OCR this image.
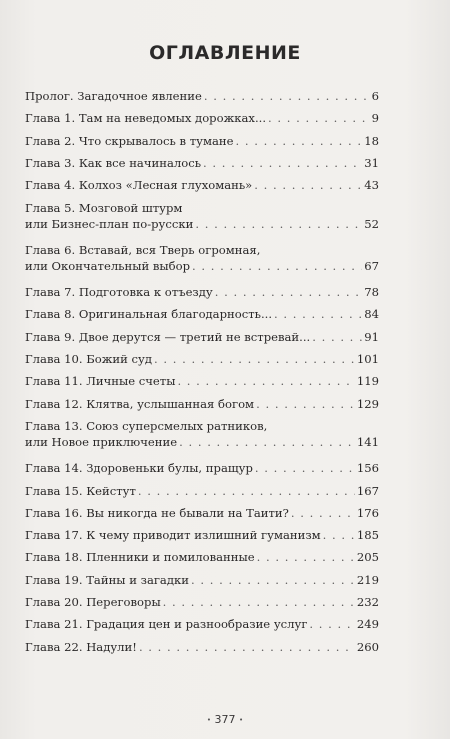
ОГЛАВЛЕНИЕ
Пролог. Загадочное явление . . .	6
Глава 1. Там на неведомых дорожках... . . .	9
Глава 2. Что скрывалось в тумане . . .	18
Глава 3. Как все начиналось . . .	31
Глава 4. Колхоз «Лесная глухомань» . . .	43
Глава 5. Мозговой штурм
или Бизнес-план по-русски . . .	52
Глава 6. Вставай, вся Тверь огромная,
или Окончательный выбор . . .	67
Глава 7. Подготовка к отъезду . . .	78
Глава 8. Оригинальная благодарность... . . .	84
Глава 9. Двое дерутся — третий не встревай... . . .	91
Глава 10. Божий суд . . .	101
Глава 11. Личные счеты . . .	119
Глава 12. Клятва, услышанная богом . . .	129
Глава 13. Союз суперсмелых ратников,
или Новое приключение . . .	141
Глава 14. Здоровеньки булы, пращур . . .	156
Глава 15. Кейстут . . .	167
Глава 16. Вы никогда не бывали на Таити? . . .	176
Глава 17. К чему приводит излишний гуманизм . . .	185
Глава 18. Пленники и помилованные . . .	205
Глава 19. Тайны и загадки . . .	219
Глава 20. Переговоры . . .	232
Глава 21. Градация цен и разнообразие услуг . . .	249
Глава 22. Надули! . . .	260
• 377 •
